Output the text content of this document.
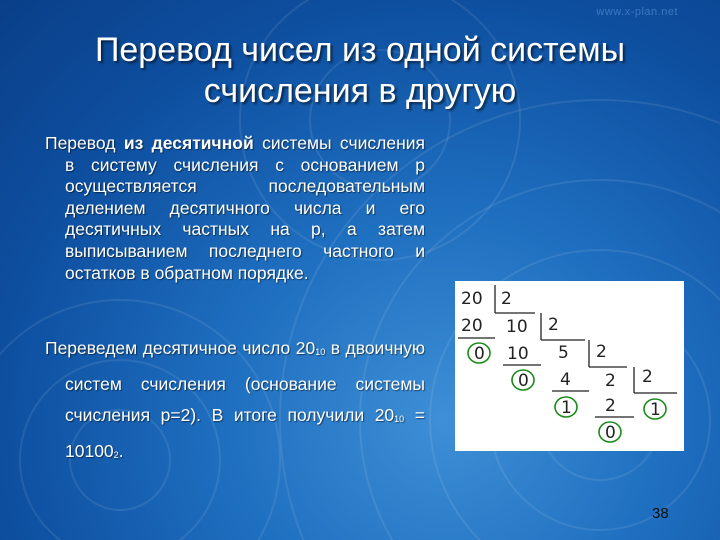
www.x-plan.net
Перевод чисел из одной системы счисления в другую

Перевод из десятичной системы счисления в систему счисления с основанием p осуществляется последовательным делением десятичного числа и его десятичных частных на р, а затем выписыванием последнего частного и остатков в обратном порядке.

Переведем десятичное число $20_{10}$ в двоичную систем счисления (основание системы счисления p=2). В итоге получили $20_{10} = 10100_2$.

20 2
20 10 2
0 10 5 2
0 4 2 2
1 2 1
0
38
